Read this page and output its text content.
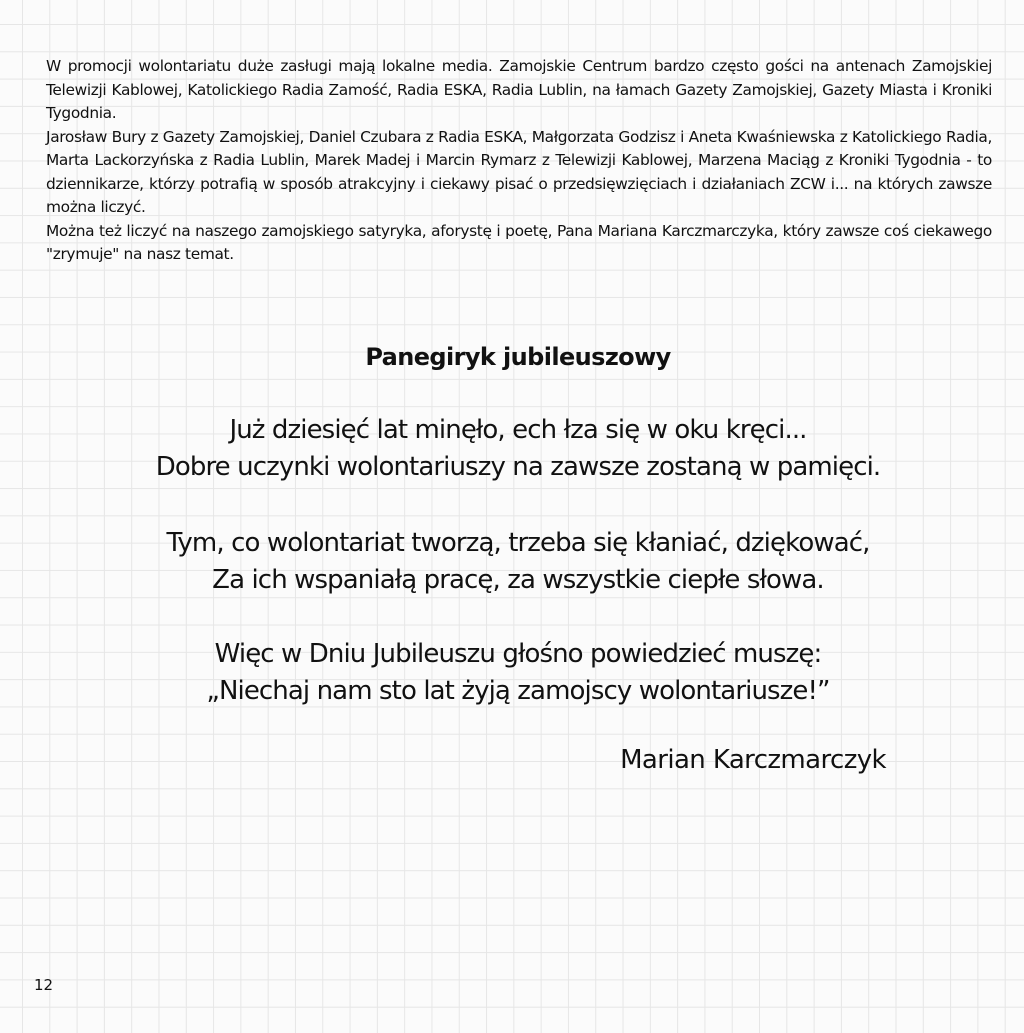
W promocji wolontariatu duże zasługi mają lokalne media. Zamojskie Centrum bardzo często gości na antenach Zamojskiej Telewizji Kablowej, Katolickiego Radia Zamość, Radia ESKA, Radia Lublin, na łamach Gazety Zamojskiej, Gazety Miasta i Kroniki Tygodnia.

Jarosław Bury z Gazety Zamojskiej, Daniel Czubara z Radia ESKA, Małgorzata Godzisz i Aneta Kwaśniewska z Katolickiego Radia, Marta Lackorzyńska z Radia Lublin, Marek Madej i Marcin Rymarz z Telewizji Kablowej, Marzena Maciąg z Kroniki Tygodnia - to dziennikarze, którzy potrafią w sposób atrakcyjny i ciekawy pisać o przedsięwzięciach i działaniach ZCW i... na których zawsze można liczyć.

Można też liczyć na naszego zamojskiego satyryka, aforystę i poetę, Pana Mariana Karczmarczyka, który zawsze coś ciekawego "zrymuje" na nasz temat.

Panegiryk jubileuszowy
Już dziesięć lat minęło, ech łza się w oku kręci...
Dobre uczynki wolontariuszy na zawsze zostaną w pamięci.
Tym, co wolontariat tworzą, trzeba się kłaniać, dziękować,
Za ich wspaniałą pracę, za wszystkie ciepłe słowa.
Więc w Dniu Jubileuszu głośno powiedzieć muszę:
„Niechaj nam sto lat żyją zamojscy wolontariusze!”
Marian Karczmarczyk
12
